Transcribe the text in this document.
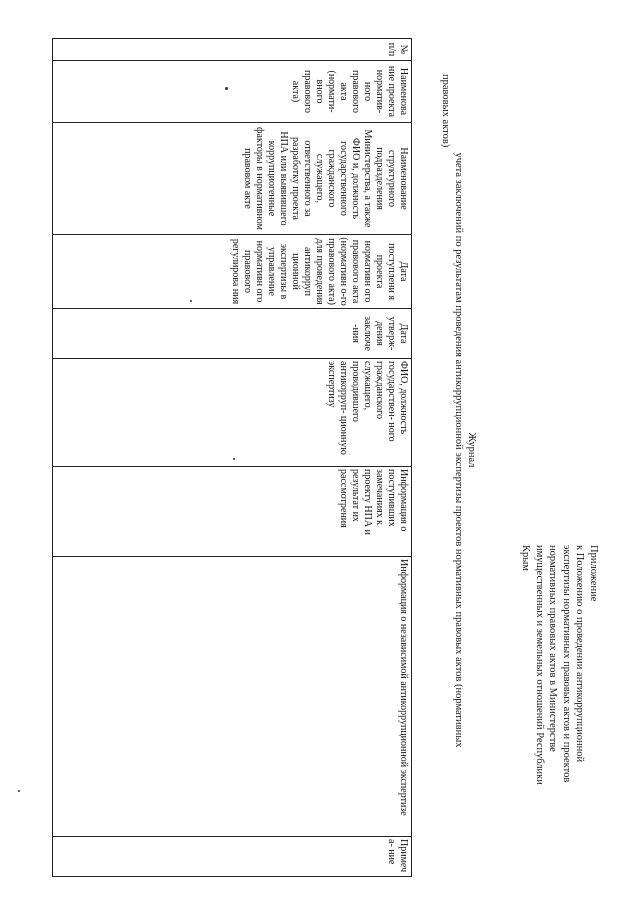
Приложение
к Положению о проведении антикоррупционной
экспертизы нормативных правовых актов и проектов
нормативных правовых актов в Министерстве
имущественных и земельных отношений Республики
Крым
Журнал
учета заключений по результатам проведения антикоррупционной экспертизы проектов нормативных правовых актов (нормативных
правовых актов)
№ п/п	Наименова ние проекта норматив- ного правового акта (нормати- вного правового акта)	Наименование структурного подразделения Министерства, а также ФИО и, должность государственного гражданского служащего, ответственного за разработку проекта НПА или выявившего коррупциогенные факторы в нормативном правовом акте	Дата поступлени я проекта нормативн ого правового акта (нормативн о-го правового акта) для проведения антикорруп ционной экспертизы в управление нормативн ого правового регулирова ния	Дата утверж- дения заключе -ния	ФИО, должность государствен- ного гражданского служащего, проводившего антикорруп- ционную экспертизу	Информация о поступивших замечаниях к проекту НПА и результат их рассмотрения	Информация о независимой антикоррупционной экспертизе	Примеча- ние
